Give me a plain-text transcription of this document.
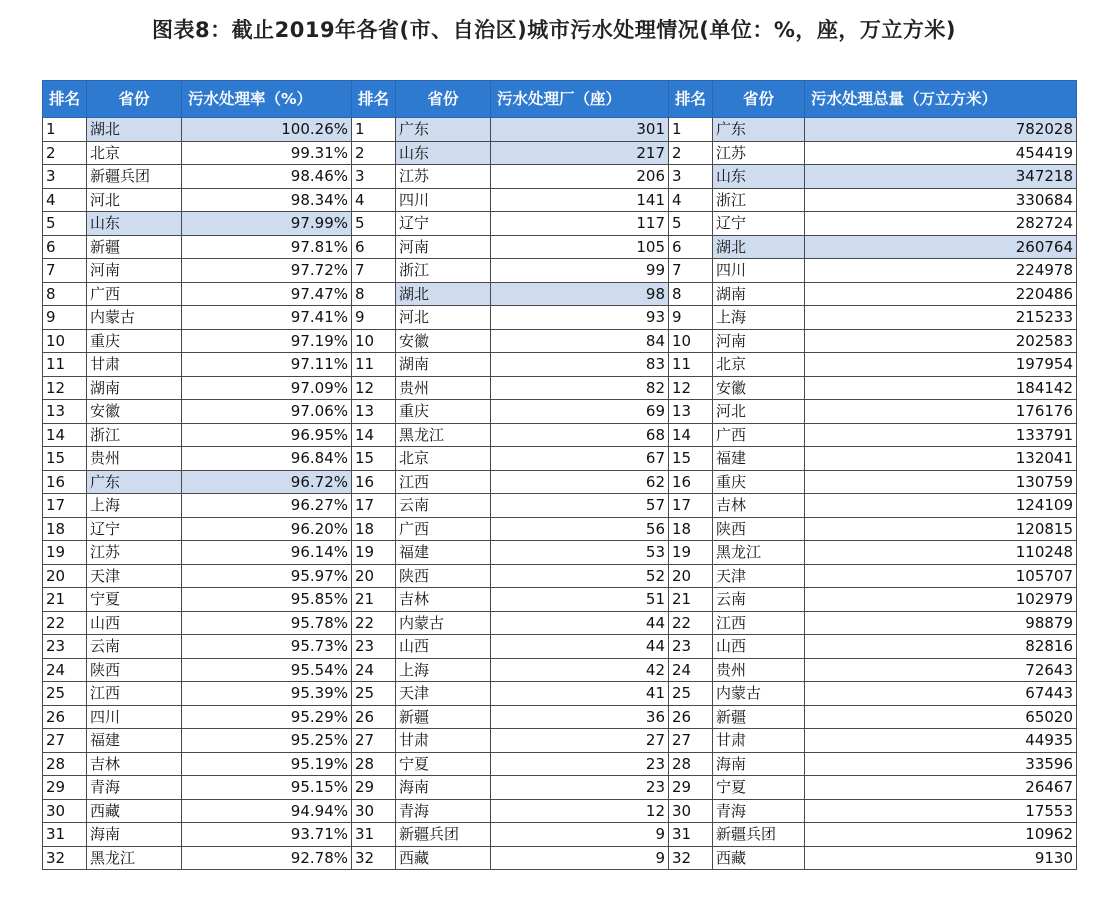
图表8：截止2019年各省(市、自治区)城市污水处理情况(单位：%，座，万立方米)
排名	省份	污水处理率（%）	排名	省份	污水处理厂（座）	排名	省份	污水处理总量（万立方米）
1	湖北	100.26%	1	广东	301	1	广东	782028
2	北京	99.31%	2	山东	217	2	江苏	454419
3	新疆兵团	98.46%	3	江苏	206	3	山东	347218
4	河北	98.34%	4	四川	141	4	浙江	330684
5	山东	97.99%	5	辽宁	117	5	辽宁	282724
6	新疆	97.81%	6	河南	105	6	湖北	260764
7	河南	97.72%	7	浙江	99	7	四川	224978
8	广西	97.47%	8	湖北	98	8	湖南	220486
9	内蒙古	97.41%	9	河北	93	9	上海	215233
10	重庆	97.19%	10	安徽	84	10	河南	202583
11	甘肃	97.11%	11	湖南	83	11	北京	197954
12	湖南	97.09%	12	贵州	82	12	安徽	184142
13	安徽	97.06%	13	重庆	69	13	河北	176176
14	浙江	96.95%	14	黑龙江	68	14	广西	133791
15	贵州	96.84%	15	北京	67	15	福建	132041
16	广东	96.72%	16	江西	62	16	重庆	130759
17	上海	96.27%	17	云南	57	17	吉林	124109
18	辽宁	96.20%	18	广西	56	18	陕西	120815
19	江苏	96.14%	19	福建	53	19	黑龙江	110248
20	天津	95.97%	20	陕西	52	20	天津	105707
21	宁夏	95.85%	21	吉林	51	21	云南	102979
22	山西	95.78%	22	内蒙古	44	22	江西	98879
23	云南	95.73%	23	山西	44	23	山西	82816
24	陕西	95.54%	24	上海	42	24	贵州	72643
25	江西	95.39%	25	天津	41	25	内蒙古	67443
26	四川	95.29%	26	新疆	36	26	新疆	65020
27	福建	95.25%	27	甘肃	27	27	甘肃	44935
28	吉林	95.19%	28	宁夏	23	28	海南	33596
29	青海	95.15%	29	海南	23	29	宁夏	26467
30	西藏	94.94%	30	青海	12	30	青海	17553
31	海南	93.71%	31	新疆兵团	9	31	新疆兵团	10962
32	黑龙江	92.78%	32	西藏	9	32	西藏	9130
